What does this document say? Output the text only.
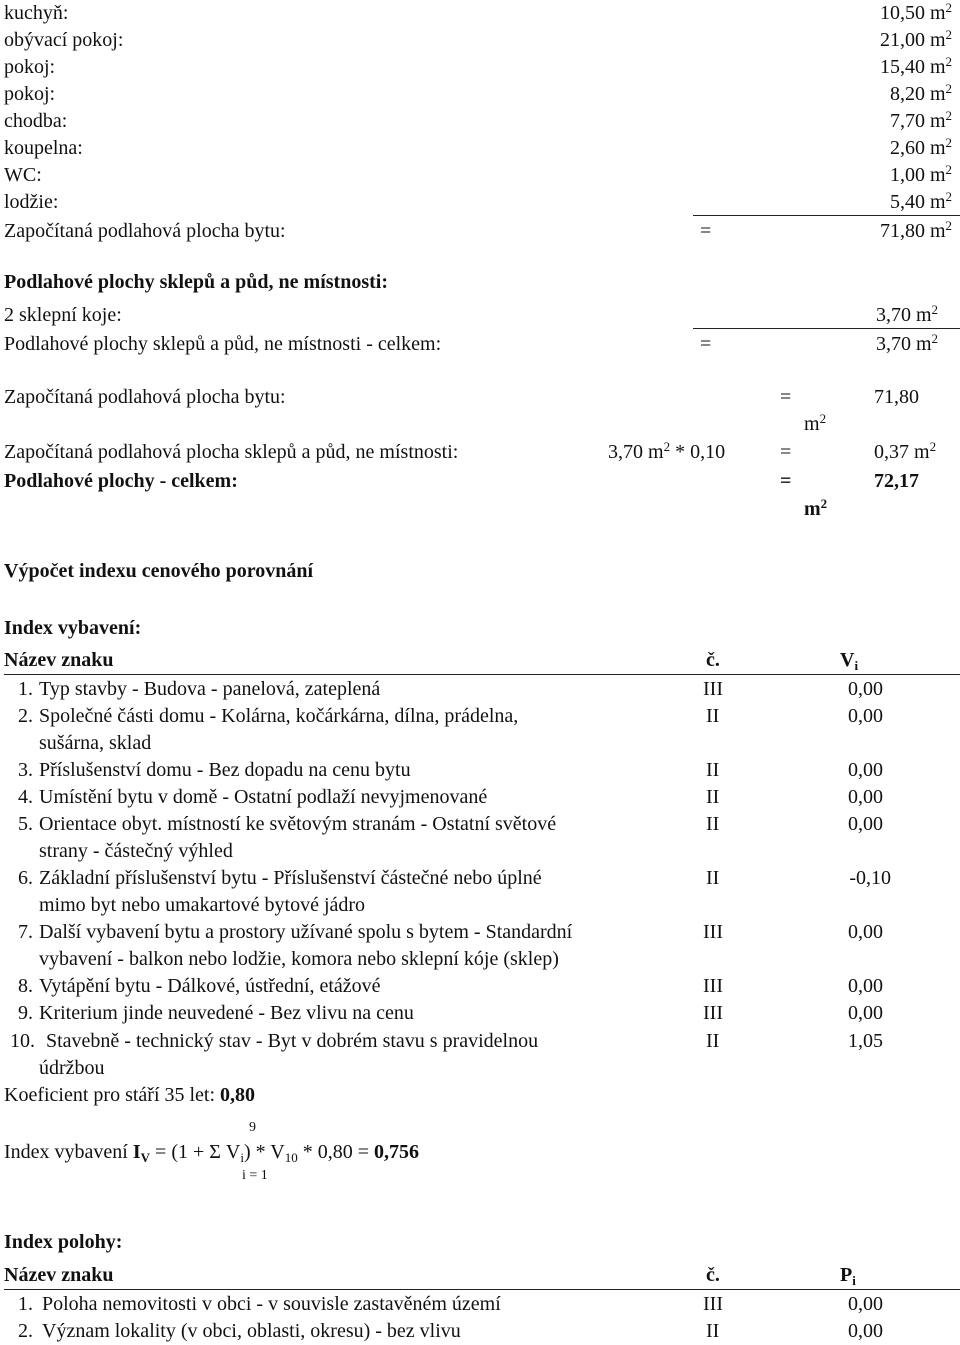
kuchyň:	10,50 $m^2$
obývací pokoj:	21,00 $m^2$
pokoj:	15,40 $m^2$
pokoj:	8,20 $m^2$
chodba:	7,70 $m^2$
koupelna:	2,60 $m^2$
WC:	1,00 $m^2$
lodžie:	5,40 $m^2$
Započítaná podlahová plocha bytu:	=	71,80 $m^2$
Podlahové plochy sklepů a půd, ne místnosti:
2 sklepní koje:	3,70 $m^2$
Podlahové plochy sklepů a půd, ne místnosti - celkem:	=	3,70 $m^2$
Započítaná podlahová plocha bytu:	=	71,80
$m^2$
Započítaná podlahová plocha sklepů a půd, ne místnosti:	3,70 $m^2 * 0,10$	=	0,37 $m^2$
Podlahové plochy - celkem:	=	72,17
$m^2$
Výpočet indexu cenového porovnání
Index vybavení:
Název znaku	č.	$V_i$
1. Typ stavby - Budova - panelová, zateplená	III	0,00
2. Společné části domu - Kolárna, kočárkárna, dílna, prádelna,
sušárna, sklad
II	0,00
3. Příslušenství domu - Bez dopadu na cenu bytu	II	0,00
4. Umístění bytu v domě - Ostatní podlaží nevyjmenované	II	0,00
5. Orientace obyt. místností ke světovým stranám - Ostatní světové
strany - částečný výhled
II	0,00
6. Základní příslušenství bytu - Příslušenství částečné nebo úplné
mimo byt nebo umakartové bytové jádro
II	-0,10
7. Další vybavení bytu a prostory užívané spolu s bytem - Standardní
vybavení - balkon nebo lodžie, komora nebo sklepní kóje (sklep)
III	0,00
8. Vytápění bytu - Dálkové, ústřední, etážové	III	0,00
9. Kriterium jinde neuvedené - Bez vlivu na cenu	III	0,00
10. Stavebně - technický stav - Byt v dobrém stavu s pravidelnou
údržbou
II	1,05
Koeficient pro stáří 35 let: 0,80
9
Index vybavení $I_V = (1 + \Sigma$ $V_i) * V_{10} * 0,80 = 0,756$
i = 1
Index polohy:
Název znaku	č.	$P_i$
1. Poloha nemovitosti v obci - v souvisle zastavěném území	III	0,00
2. Význam lokality (v obci, oblasti, okresu) - bez vlivu	II	0,00
